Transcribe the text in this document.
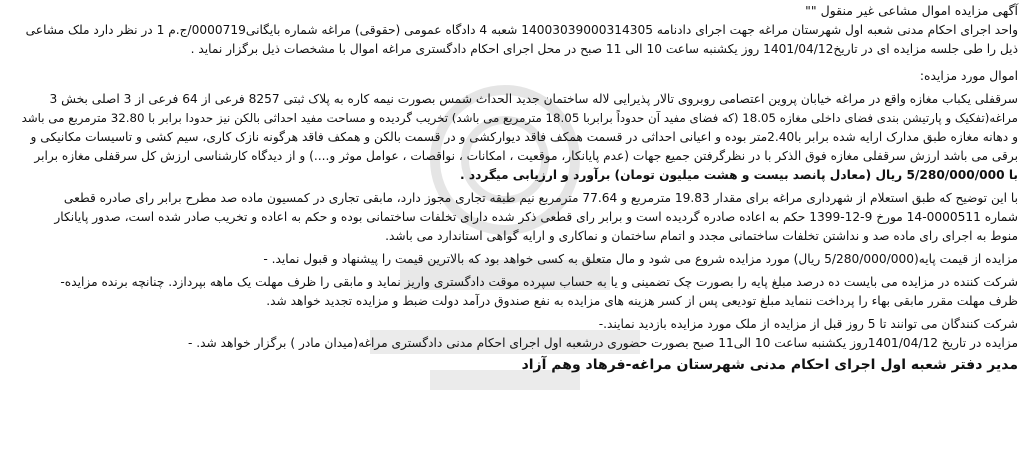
آگهی مزایده اموال مشاعی غیر منقول ""
واحد اجرای احکام مدنی شعبه اول شهرستان مراغه جهت اجرای دادنامه 14003039000314305 شعبه 4 دادگاه عمومی (حقوقی) مراغه شماره بایگانی0000719/ج.م 1 در نظر دارد ملک مشاعی
ذیل را طی جلسه مزایده ای در تاریخ1401/04/12 روز یکشنبه ساعت 10 الی 11 صبح در محل اجرای احکام دادگستری مراغه اموال با مشخصات ذیل برگزار نماید .
اموال مورد مزایده:
سرقفلی یکباب مغازه واقع در مراغه خیابان پروین اعتصامی روبروی تالار پذیرایی لاله ساختمان جدید الحداث شمس بصورت نیمه کاره به پلاک ثبتی 8257 فرعی از 64 فرعی از 3 اصلی بخش 3
مراغه(تفکیک و پارتیشن بندی فضای داخلی مغازه 18.05 (که فضای مفید آن حدوداً برابربا 18.05 مترمربع می باشد) تخریب گردیده و مساحت مفید احداثی بالکن نیز حدودا برابر با 32.80 مترمربع می باشد
و دهانه مغازه طبق مدارک ارایه شده برابر با2.40متر بوده و اعیانی احداثی در قسمت همکف فاقد دیوارکشی و در قسمت بالکن و همکف فاقد هرگونه نازک کاری، سیم کشی و تاسیسات مکانیکی و
برقی می باشد ارزش سرقفلی مغازه فوق الذکر با در نظرگرفتن جمیع جهات (عدم پایانکار، موقعیت ، امکانات ، نواقصات ، عوامل موثر و....) و از دیدگاه کارشناسی ارزش کل سرقفلی مغازه برابر
با 5/280/000/000 ریال (معادل پانصد بیست و هشت میلیون تومان) برآورد و ارزیابی میگردد .
با این توضیح که طبق استعلام از شهرداری مراغه برای مقدار 19.83 مترمربع و 77.64 مترمربع نیم طبقه تجاری مجوز دارد، مابقی تجاری در کمسیون ماده صد مطرح برابر رای صادره قطعی
شماره 0000511-14 مورخ 9-12-1399 حکم به اعاده صادره گردیده است و برابر رای قطعی ذکر شده دارای تخلفات ساختمانی بوده و حکم به اعاده و تخریب صادر شده است، صدور پایانکار
منوط به اجرای رای ماده صد و نداشتن تخلفات ساختمانی مجدد و اتمام ساختمان و نماکاری و ارایه گواهی استاندارد می باشد.
مزایده از قیمت پایه(5/280/000/000 ریال) مورد مزایده شروع می شود و مال متعلق به کسی خواهد بود که بالاترین قیمت را پیشنهاد و قبول نماید. -
شرکت کننده در مزایده می بایست ده درصد مبلغ پایه را بصورت چک تضمینی و یا به حساب سپرده موقت دادگستری واریز نماید و مابقی را ظرف مهلت یک ماهه بپردازد. چنانچه برنده مزایده-
ظرف مهلت مقرر مابقی بهاء را پرداخت ننماید مبلغ تودیعی پس از کسر هزینه های مزایده به نفع صندوق درآمد دولت ضبط و مزایده تجدید خواهد شد.
شرکت کنندگان می توانند تا 5 روز قبل از مزایده از ملک مورد مزایده بازدید نمایند.-
مزایده در تاریخ 1401/04/12روز یکشنبه ساعت 10 الی11 صبح بصورت حضوری درشعبه اول اجرای احکام مدنی دادگستری مراغه(میدان مادر ) برگزار خواهد شد. -
مدیر دفتر شعبه اول اجرای احکام مدنی شهرستان مراغه-فرهاد وهم آزاد
